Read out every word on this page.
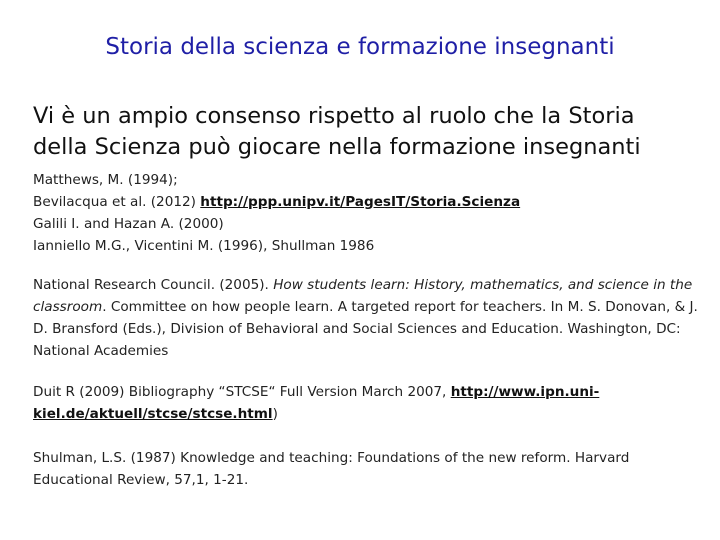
Storia della scienza e formazione insegnanti
Vi è un ampio consenso rispetto al ruolo che la Storia
della Scienza può giocare nella formazione insegnanti
Matthews, M. (1994);
Bevilacqua et al. (2012) http://ppp.unipv.it/PagesIT/Storia.Scienza
Galili I. and Hazan A. (2000)
Ianniello M.G., Vicentini M. (1996), Shullman 1986
National Research Council. (2005). How students learn: History, mathematics, and science in the classroom. Committee on how people learn. A targeted report for teachers. In M. S. Donovan, & J. D. Bransford (Eds.), Division of Behavioral and Social Sciences and Education. Washington, DC: National Academies
Duit R (2009) Bibliography “STCSE“ Full Version March 2007, http://www.ipn.uni-
kiel.de/aktuell/stcse/stcse.html)
Shulman, L.S. (1987) Knowledge and teaching: Foundations of the new reform. Harvard
Educational Review, 57,1, 1-21.
